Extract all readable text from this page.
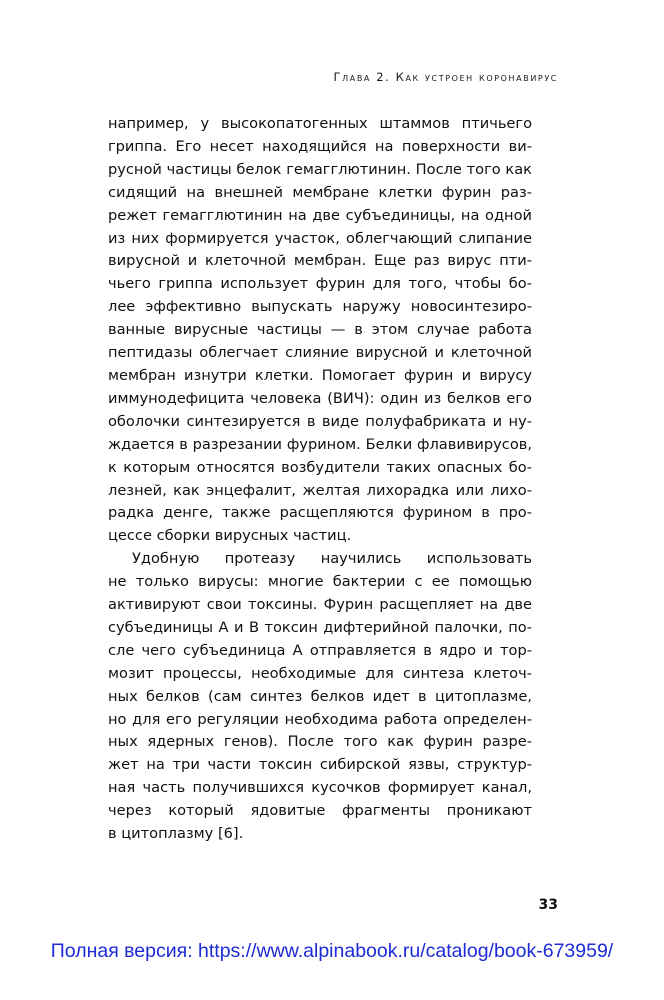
Глава 2. Как устроен коронавирус

например, у высокопатогенных штаммов птичьего
гриппа. Его несет находящийся на поверхности ви-
русной частицы белок гемагглютинин. После того как
сидящий на внешней мембране клетки фурин раз-
режет гемагглютинин на две субъединицы, на одной
из них формируется участок, облегчающий слипание
вирусной и клеточной мембран. Еще раз вирус пти-
чьего гриппа использует фурин для того, чтобы бо-
лее эффективно выпускать наружу новосинтезиро-
ванные вирусные частицы — в этом случае работа
пептидазы облегчает слияние вирусной и клеточной
мембран изнутри клетки. Помогает фурин и вирусу
иммунодефицита человека (ВИЧ): один из белков его
оболочки синтезируется в виде полуфабриката и ну-
ждается в разрезании фурином. Белки флавивирусов,
к которым относятся возбудители таких опасных бо-
лезней, как энцефалит, желтая лихорадка или лихо-
радка денге, также расщепляются фурином в про-
цессе сборки вирусных частиц.

Удобную протеазу научились использовать
не только вирусы: многие бактерии с ее помощью
активируют свои токсины. Фурин расщепляет на две
субъединицы A и B токсин дифтерийной палочки, по-
сле чего субъединица A отправляется в ядро и тор-
мозит процессы, необходимые для синтеза клеточ-
ных белков (сам синтез белков идет в цитоплазме,
но для его регуляции необходима работа определен-
ных ядерных генов). После того как фурин разре-
жет на три части токсин сибирской язвы, структур-
ная часть получившихся кусочков формирует канал,
через который ядовитые фрагменты проникают
в цитоплазму [6].

33
Полная версия: https://www.alpinabook.ru/catalog/book-673959/
